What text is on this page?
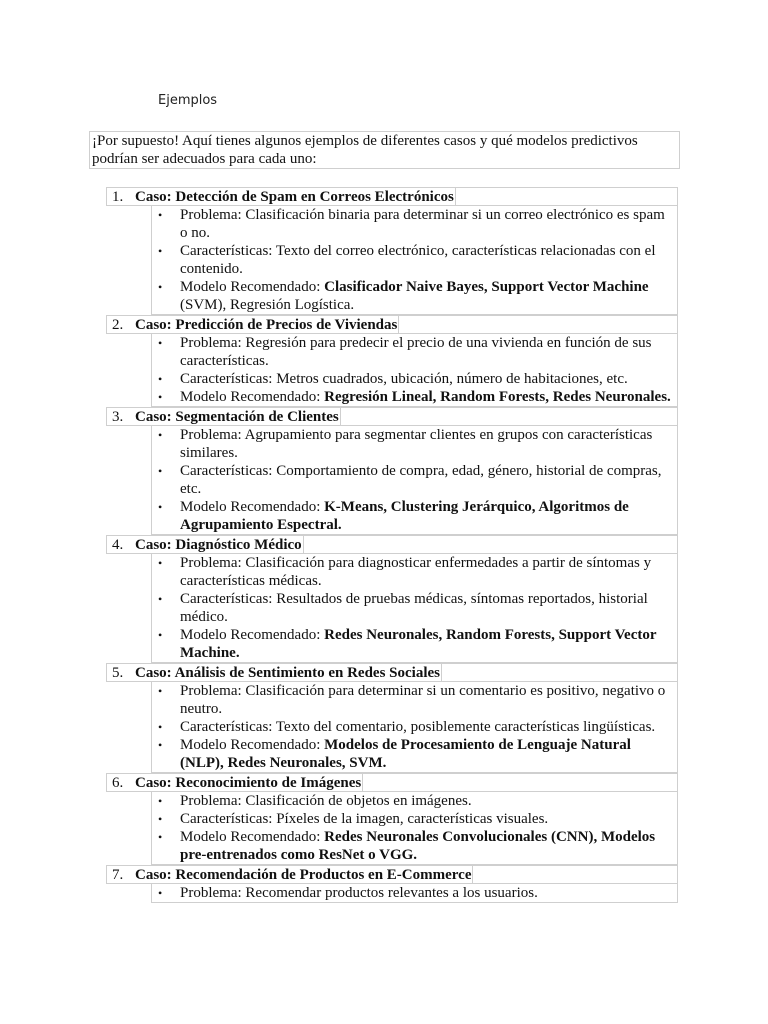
Ejemplos
¡Por supuesto! Aquí tienes algunos ejemplos de diferentes casos y qué modelos predictivos podrían ser adecuados para cada uno:
1. Caso: Detección de Spam en Correos Electrónicos
• Problema: Clasificación binaria para determinar si un correo electrónico es spam o no.
• Características: Texto del correo electrónico, características relacionadas con el contenido.
• Modelo Recomendado: Clasificador Naive Bayes, Support Vector Machine (SVM), Regresión Logística.
2. Caso: Predicción de Precios de Viviendas
• Problema: Regresión para predecir el precio de una vivienda en función de sus características.
• Características: Metros cuadrados, ubicación, número de habitaciones, etc.
• Modelo Recomendado: Regresión Lineal, Random Forests, Redes Neuronales.
3. Caso: Segmentación de Clientes
• Problema: Agrupamiento para segmentar clientes en grupos con características similares.
• Características: Comportamiento de compra, edad, género, historial de compras, etc.
• Modelo Recomendado: K-Means, Clustering Jerárquico, Algoritmos de Agrupamiento Espectral.
4. Caso: Diagnóstico Médico
• Problema: Clasificación para diagnosticar enfermedades a partir de síntomas y características médicas.
• Características: Resultados de pruebas médicas, síntomas reportados, historial médico.
• Modelo Recomendado: Redes Neuronales, Random Forests, Support Vector Machine.
5. Caso: Análisis de Sentimiento en Redes Sociales
• Problema: Clasificación para determinar si un comentario es positivo, negativo o neutro.
• Características: Texto del comentario, posiblemente características lingüísticas.
• Modelo Recomendado: Modelos de Procesamiento de Lenguaje Natural (NLP), Redes Neuronales, SVM.
6. Caso: Reconocimiento de Imágenes
• Problema: Clasificación de objetos en imágenes.
• Características: Píxeles de la imagen, características visuales.
• Modelo Recomendado: Redes Neuronales Convolucionales (CNN), Modelos pre-entrenados como ResNet o VGG.
7. Caso: Recomendación de Productos en E-Commerce
• Problema: Recomendar productos relevantes a los usuarios.
